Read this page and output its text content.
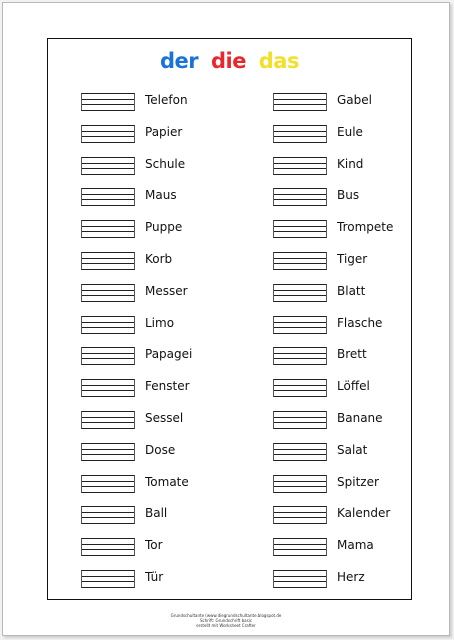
der die das
Telefon
Papier
Schule
Maus
Puppe
Korb
Messer
Limo
Papagei
Fenster
Sessel
Dose
Tomate
Ball
Tor
Tür
Gabel
Eule
Kind
Bus
Trompete
Tiger
Blatt
Flasche
Brett
Löffel
Banane
Salat
Spitzer
Kalender
Mama
Herz
Grundschultante (www.diegrundschultante.blogspot.de
Schrift: Grundschrift basic
erstellt mit Worksheet Crafter
